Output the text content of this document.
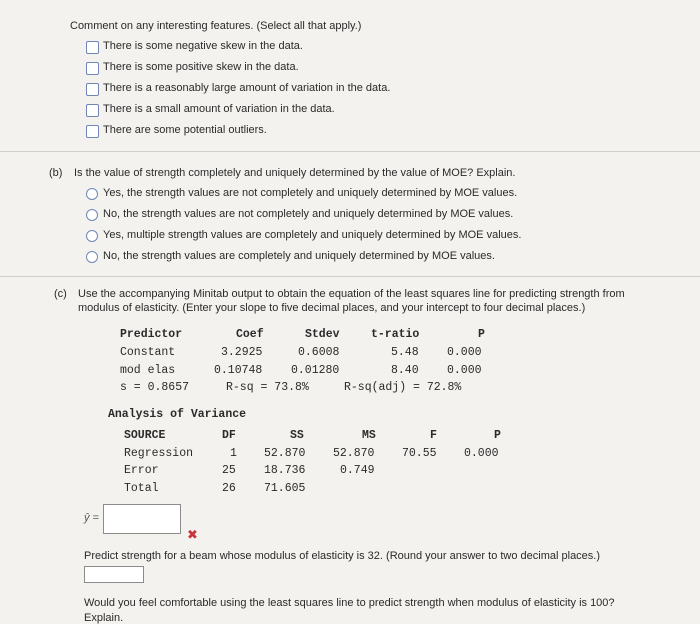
Comment on any interesting features. (Select all that apply.)
There is some negative skew in the data.
There is some positive skew in the data.
There is a reasonably large amount of variation in the data.
There is a small amount of variation in the data.
There are some potential outliers.
(b) Is the value of strength completely and uniquely determined by the value of MOE? Explain.
Yes, the strength values are not completely and uniquely determined by MOE values.
No, the strength values are not completely and uniquely determined by MOE values.
Yes, multiple strength values are completely and uniquely determined by MOE values.
No, the strength values are completely and uniquely determined by MOE values.
(c) Use the accompanying Minitab output to obtain the equation of the least squares line for predicting strength from
modulus of elasticity. (Enter your slope to five decimal places, and your intercept to four decimal places.)
Predictor	Coef	Stdev	t-ratio	P
Constant	3.2925	0.6008	5.48 0.000
mod elas	0.10748 0.01280	8.40 0.000
s = 0.8657	R-sq = 73.8%	R-sq(adj) = 72.8%
Analysis of Variance
SOURCE	DF	SS	MS	F	P
Regression	1 52.870 52.870 70.55 0.000
Error	25 18.736	0.749
Total	26 71.605
ŷ =
✖
Predict strength for a beam whose modulus of elasticity is 32. (Round your answer to two decimal places.)
Would you feel comfortable using the least squares line to predict strength when modulus of elasticity is 100?
Explain.
